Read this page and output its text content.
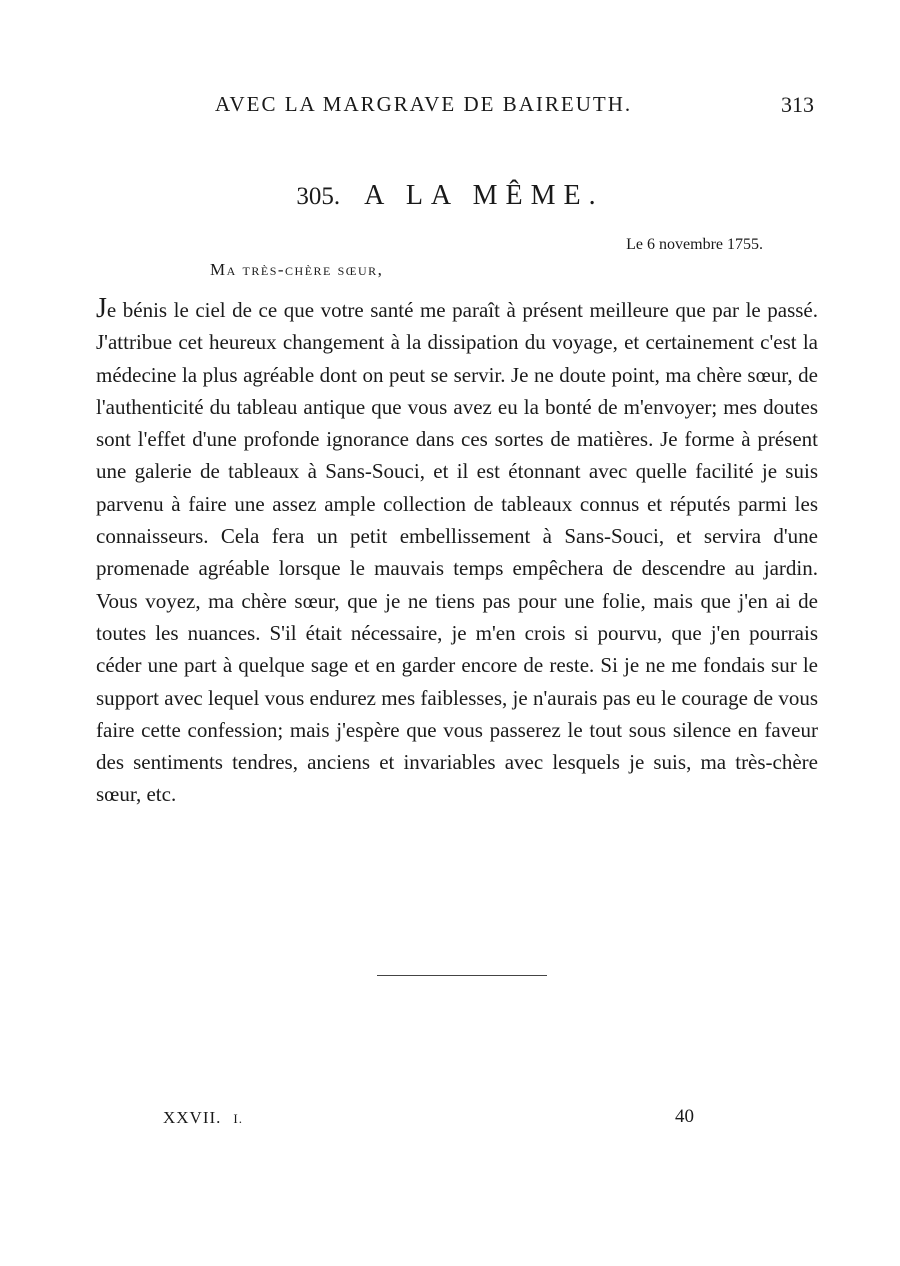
AVEC LA MARGRAVE DE BAIREUTH.	313
305. A LA MÊME.
Le 6 novembre 1755.
Ma très-chère sœur,
Je bénis le ciel de ce que votre santé me paraît à présent meilleure que par le passé. J'attribue cet heureux changement à la dissipation du voyage, et certainement c'est la médecine la plus agréable dont on peut se servir. Je ne doute point, ma chère sœur, de l'authenticité du tableau antique que vous avez eu la bonté de m'envoyer; mes doutes sont l'effet d'une profonde ignorance dans ces sortes de matières. Je forme à présent une galerie de tableaux à Sans-Souci, et il est étonnant avec quelle facilité je suis parvenu à faire une assez ample collection de tableaux connus et réputés parmi les connaisseurs. Cela fera un petit embellissement à Sans-Souci, et servira d'une promenade agréable lorsque le mauvais temps empêchera de descendre au jardin. Vous voyez, ma chère sœur, que je ne tiens pas pour une folie, mais que j'en ai de toutes les nuances. S'il était nécessaire, je m'en crois si pourvu, que j'en pourrais céder une part à quelque sage et en garder encore de reste. Si je ne me fondais sur le support avec lequel vous endurez mes faiblesses, je n'aurais pas eu le courage de vous faire cette confession; mais j'espère que vous passerez le tout sous silence en faveur des sentiments tendres, anciens et invariables avec lesquels je suis, ma très-chère sœur, etc.
XXVII. I.	40
